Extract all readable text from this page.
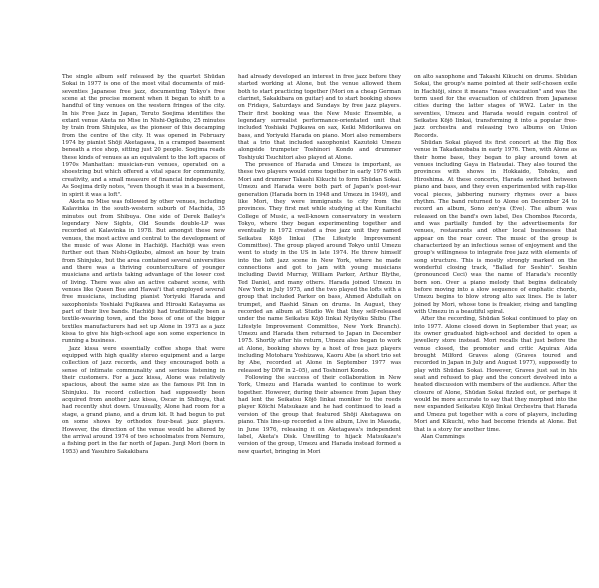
The single album self released by the quartet Shūdan Sokai in 1977 is one of the most vital documents of mid-seventies Japanese free jazz, documenting Tokyo's free scene at the precise moment when it began to shift to a handful of tiny venues on the western fringes of the city. In his Free Jazz in Japan, Teruto Soejima identifies the extant venue Aketa no Mise in Nishi-Ogikubo, 25 minutes by train from Shinjuku, as the pioneer of this decamping from the centre of the city. It was opened in February 1974 by pianist Shōji Aketagawa, in a cramped basement beneath a rice shop, sitting just 20 people. Soejima reads these kinds of venues as an equivalent to the loft spaces of 1970s Manhattan: musician-run venues, operated on a shoestring but which offered a vital space for community, creativity, and a small measure of financial independence. As Soejima drily notes, "even though it was in a basement, in spirit it was a loft".

Aketa no Mise was followed by other venues, including Kalavinka in the south-western suburb of Machida, 35 minutes out from Shibuya. One side of Derek Bailey's legendary New Sights, Old Sounds double-LP was recorded at Kalavinka in 1978. But amongst these new venues, the most active and central to the development of the music of was Alone in Hachiōji. Hachiōji was even further out than Nishi-Ogikubo, almost an hour by train from Shinjuku, but the area contained several universities and there was a thriving counterculture of younger musicians and artists taking advantage of the lower cost of living. There was also an active cabaret scene, with venues like Queen Bee and Hawai'i that employed several free musicians, including pianist Yoriyuki Harada and saxophonists Yoshiaki Fujikawa and Hiroaki Katayama as part of their live bands. Hachiōji had traditionally been a textile-weaving town, and the boss of one of the bigger textiles manufacturers had set up Alone in 1973 as a jazz kissa to give his high-school age son some experience in running a business.

Jazz kissa were essentially coffee shops that were equipped with high quality stereo equipment and a large collection of jazz records, and they encouraged both a sense of intimate communality and serious listening in their customers. For a jazz kissa, Alone was relatively spacious, about the same size as the famous Pit Inn in Shinjuku. Its record collection had supposedly been acquired from another jazz kissa, Oscar in Shibuya, that had recently shut down. Unusually, Alone had room for a stage, a grand piano, and a drum kit. It had begun to put on some shows by orthodox four-beat jazz players. However, the direction of the venue would be altered by the arrival around 1974 of two schoolmates from Nemuro, a fishing port in the far north of Japan. Junji Mori (born in 1953) and Yasuhiro Sakakibara

had already developed an interest in free jazz before they started working at Alone, but the venue allowed them both to start practicing together (Mori on a cheap German clarinet, Sakakibara on guitar) and to start booking shows on Fridays, Saturdays and Sundays by free jazz players. Their first booking was the New Music Ensemble, a legendary surrealist performance-orientated unit that included Yoshiaki Fujikawa on sax, Keiki Midorikawa on bass, and Yoriyuki Harada on piano. Mori also remembers that a trio that included saxophonist Kazutoki Umezu alongside trumpeter Toshinori Kondo and drummer Toshiyuki Tsuchitori also played at Alone.

The presence of Harada and Umezu is important, as these two players would come together in early 1976 with Mori and drummer Takashi Kikuchi to form Shūdan Sokai. Umezu and Harada were both part of Japan's post-war generation (Harada born in 1948 and Umezu in 1949), and like Mori, they were immigrants to city from the provinces. They first met while studying at the Kunitachi College of Music, a well-known conservatory in western Tokyo, where they began experimenting together and eventually in 1972 created a free jazz unit they named Seikatsu Kōjō Iinkai (The Lifestyle Improvement Committee). The group played around Tokyo until Umezu went to study in the US in late 1974. He threw himself into the loft jazz scene in New York, where he made connections and got to jam with young musicians including David Murray, William Parker, Arthur Blythe, Ted Daniel, and many others. Harada joined Umezu in New York in July 1975, and the two played the lofts with a group that included Parker on bass, Ahmed Abdullah on trumpet, and Rashid Sinan on drums. In August, they recorded an album at Studio We that they self-released under the name Seikatsu Kōjō Iinkai Nyūyōku Shibu (The Lifestyle Improvement Committee, New York Branch). Umezu and Harada then returned to Japan in December 1975. Shortly after his return, Umezu also began to work at Alone, booking shows by a host of free jazz players including Motoharu Yoshizawa, Kaoru Abe (a short trio set by Abe, recorded at Alone in September 1977 was released by DIW in 2–05), and Toshinori Kondo.

Following the success of their collaboration in New York, Umezu and Harada wanted to continue to work together. However, during their absence from Japan they had lent the Seikatsu Kōjō Iinkai moniker to the reeds player Kōichi Matsukaze and he had continued to lead a version of the group that featured Shōji Aketagawa on piano. This line-up recorded a live album, Live in Masuda, in June 1976, releasing it on Aketagawa's independent label, Aketa's Disk. Unwilling to hijack Matsukaze's version of the group, Umezu and Harada instead formed a new quartet, bringing in Mori

on alto saxophone and Takashi Kikuchi on drums. Shūdan Sokai, the group's name pointed at their self-chosen exile in Hachiōji, since it means "mass evacuation" and was the term used for the evacuation of children from Japanese cities during the latter stages of WW2. Later in the seventies, Umezu and Harada would regain control of Seikatsu Kōjō Iinkai, transforming it into a popular free-jazz orchestra and releasing two albums on Union Records.

Shūdan Sokai played its first concert at the Big Box venue in Takadanobaba in early 1976. Then, with Alone as their home base, they began to play around town at venues including Gaya in Hatsudai. They also toured the provinces with shows in Hokkaido, Tohoku, and Hiroshima. At these concerts, Harada switched between piano and bass, and they even experimented with rap-like vocal pieces, jabbering nursery rhymes over a bass rhythm. The band returned to Alone on December 24 to record an album, Sono zen'ya (Eve). The album was released on the band's own label, Des Chombos Records, and was partially funded by the advertisements for venues, restaurants and other local businesses that appear on the rear cover. The music of the group is characterized by an infectious sense of enjoyment and the group's willingness to integrate free jazz with elements of song structure. This is mostly strongly marked on the wonderful closing track, "Ballad for Seshin". Seshin (pronounced Ceci) was the name of Harada's recently born son. Over a piano melody that begins delicately before moving into a slow sequence of emphatic chords, Umezu begins to blow strong alto sax lines. He is later joined by Mori, whose tone is freakier, rising and tangling with Umezu in a beautiful spiral.

After the recording, Shūdan Sokai continued to play on into 1977. Alone closed down in September that year, as its owner graduated high-school and decided to open a jewellery store instead. Mori recalls that just before the venue closed, the promoter and critic Aquirax Aida brought Milford Graves along (Graves toured and recorded in Japan in July and August 1977), supposedly to play with Shūdan Sokai. However, Graves just sat in his seat and refused to play and the concert devolved into a heated discussion with members of the audience. After the closure of Alone, Shūdan Sokai fizzled out, or perhaps it would be more accurate to say that they morphed into the new expanded Seikatsu Kōjō Iinkai Orchestra that Harada and Umezu put together with a core of players, including Mori and Kikuchi, who had become friends at Alone. But that is a story for another time.

Alan Cummings
